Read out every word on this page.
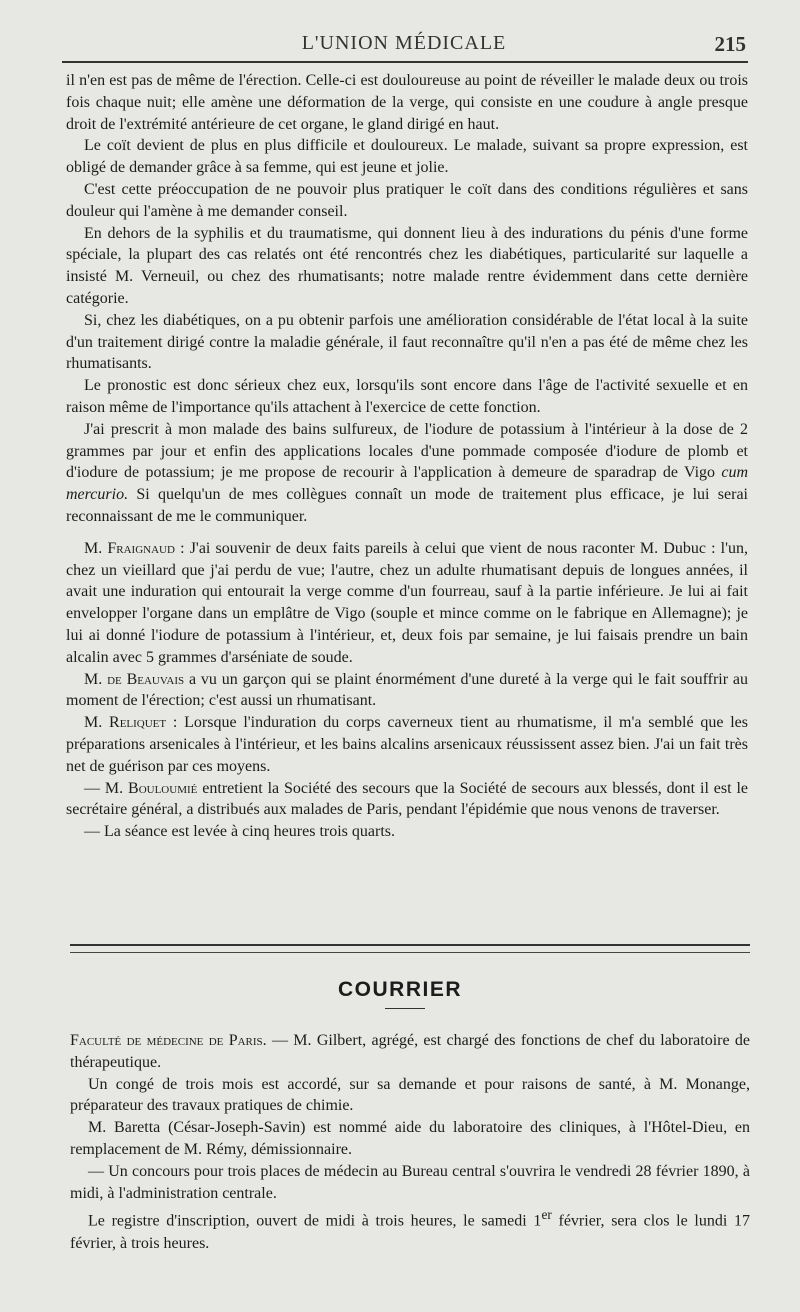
L'UNION MÉDICALE	215

il n'en est pas de même de l'érection. Celle-ci est douloureuse au point de réveiller le malade deux ou trois fois chaque nuit; elle amène une déformation de la verge, qui consiste en une coudure à angle presque droit de l'extrémité antérieure de cet organe, le gland dirigé en haut.

Le coït devient de plus en plus difficile et douloureux. Le malade, suivant sa propre expression, est obligé de demander grâce à sa femme, qui est jeune et jolie.

C'est cette préoccupation de ne pouvoir plus pratiquer le coït dans des conditions régulières et sans douleur qui l'amène à me demander conseil.

En dehors de la syphilis et du traumatisme, qui donnent lieu à des indurations du pénis d'une forme spéciale, la plupart des cas relatés ont été rencontrés chez les diabétiques, particularité sur laquelle a insisté M. Verneuil, ou chez des rhumatisants; notre malade rentre évidemment dans cette dernière catégorie.

Si, chez les diabétiques, on a pu obtenir parfois une amélioration considérable de l'état local à la suite d'un traitement dirigé contre la maladie générale, il faut reconnaître qu'il n'en a pas été de même chez les rhumatisants.

Le pronostic est donc sérieux chez eux, lorsqu'ils sont encore dans l'âge de l'activité sexuelle et en raison même de l'importance qu'ils attachent à l'exercice de cette fonction.

J'ai prescrit à mon malade des bains sulfureux, de l'iodure de potassium à l'intérieur à la dose de 2 grammes par jour et enfin des applications locales d'une pommade composée d'iodure de plomb et d'iodure de potassium; je me propose de recourir à l'application à demeure de sparadrap de Vigo cum mercurio. Si quelqu'un de mes collègues connaît un mode de traitement plus efficace, je lui serai reconnaissant de me le communiquer.

M. Fraignaud : J'ai souvenir de deux faits pareils à celui que vient de nous raconter M. Dubuc : l'un, chez un vieillard que j'ai perdu de vue; l'autre, chez un adulte rhumatisant depuis de longues années, il avait une induration qui entourait la verge comme d'un fourreau, sauf à la partie inférieure. Je lui ai fait envelopper l'organe dans un emplâtre de Vigo (souple et mince comme on le fabrique en Allemagne); je lui ai donné l'iodure de potassium à l'intérieur, et, deux fois par semaine, je lui faisais prendre un bain alcalin avec 5 grammes d'arséniate de soude.

M. de Beauvais a vu un garçon qui se plaint énormément d'une dureté à la verge qui le fait souffrir au moment de l'érection; c'est aussi un rhumatisant.

M. Reliquet : Lorsque l'induration du corps caverneux tient au rhumatisme, il m'a semblé que les préparations arsenicales à l'intérieur, et les bains alcalins arsenicaux réussissent assez bien. J'ai un fait très net de guérison par ces moyens.

— M. Bouloumié entretient la Société des secours que la Société de secours aux blessés, dont il est le secrétaire général, a distribués aux malades de Paris, pendant l'épidémie que nous venons de traverser.

— La séance est levée à cinq heures trois quarts.

COURRIER

Faculté de médecine de Paris. — M. Gilbert, agrégé, est chargé des fonctions de chef du laboratoire de thérapeutique.

Un congé de trois mois est accordé, sur sa demande et pour raisons de santé, à M. Monange, préparateur des travaux pratiques de chimie.

M. Baretta (César-Joseph-Savin) est nommé aide du laboratoire des cliniques, à l'Hôtel-Dieu, en remplacement de M. Rémy, démissionnaire.

— Un concours pour trois places de médecin au Bureau central s'ouvrira le vendredi 28 février 1890, à midi, à l'administration centrale.

Le registre d'inscription, ouvert de midi à trois heures, le samedi 1er février, sera clos le lundi 17 février, à trois heures.
